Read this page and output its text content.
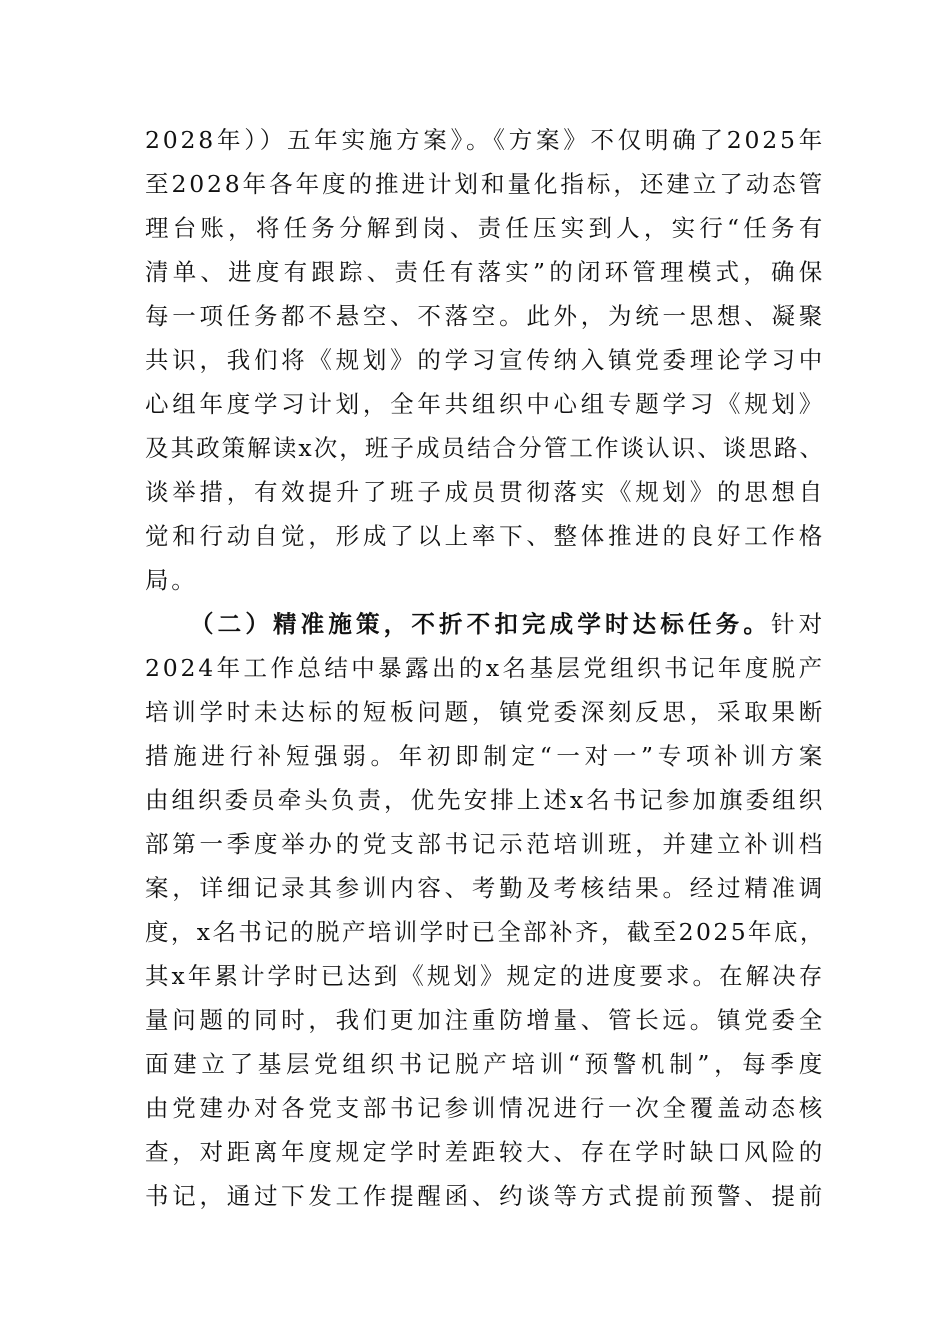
2028年））五年实施方案》。《方案》不仅明确了2025年
至2028年各年度的推进计划和量化指标，还建立了动态管
理台账，将任务分解到岗、责任压实到人，实行“任务有
清单、进度有跟踪、责任有落实”的闭环管理模式，确保
每一项任务都不悬空、不落空。此外，为统一思想、凝聚
共识，我们将《规划》的学习宣传纳入镇党委理论学习中
心组年度学习计划，全年共组织中心组专题学习《规划》
及其政策解读x次，班子成员结合分管工作谈认识、谈思路、
谈举措，有效提升了班子成员贯彻落实《规划》的思想自
觉和行动自觉，形成了以上率下、整体推进的良好工作格
局。
（二）精准施策，不折不扣完成学时达标任务。针对
2024年工作总结中暴露出的x名基层党组织书记年度脱产
培训学时未达标的短板问题，镇党委深刻反思，采取果断
措施进行补短强弱。年初即制定“一对一”专项补训方案
由组织委员牵头负责，优先安排上述x名书记参加旗委组织
部第一季度举办的党支部书记示范培训班，并建立补训档
案，详细记录其参训内容、考勤及考核结果。经过精准调
度，x名书记的脱产培训学时已全部补齐，截至2025年底，
其x年累计学时已达到《规划》规定的进度要求。在解决存
量问题的同时，我们更加注重防增量、管长远。镇党委全
面建立了基层党组织书记脱产培训“预警机制”，每季度
由党建办对各党支部书记参训情况进行一次全覆盖动态核
查，对距离年度规定学时差距较大、存在学时缺口风险的
书记，通过下发工作提醒函、约谈等方式提前预警、提前
